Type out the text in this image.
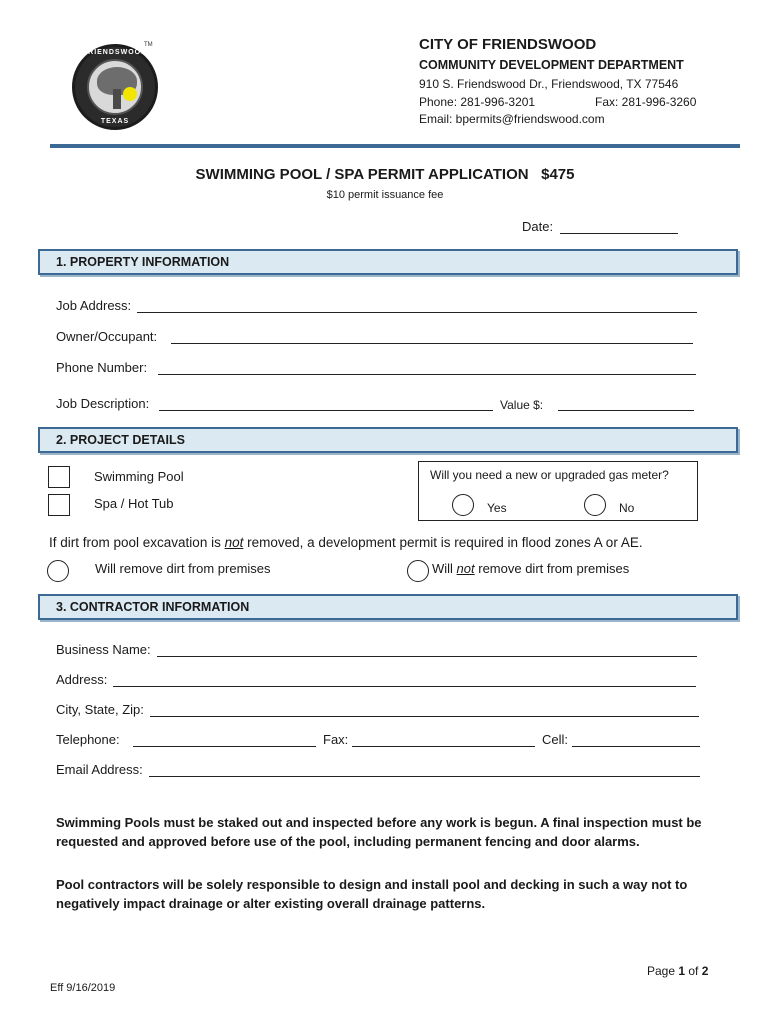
FRIENDSWOOD
TEXAS
TM	CITY OF FRIENDSWOOD
COMMUNITY DEVELOPMENT DEPARTMENT
910 S. Friendswood Dr., Friendswood, TX 77546
Phone: 281-996-3201	Fax: 281-996-3260
Email: bpermits@friendswood.com
SWIMMING POOL / SPA PERMIT APPLICATION   $475
$10 permit issuance fee
Date:
1. PROPERTY INFORMATION
Job Address:
Owner/Occupant:
Phone Number:
Job Description:	Value $:
2. PROJECT DETAILS
Swimming Pool
Spa / Hot Tub
Will you need a new or upgraded gas meter?
Yes	No
If dirt from pool excavation is not removed, a development permit is required in flood zones A or AE.
Will remove dirt from premises	Will not remove dirt from premises
3. CONTRACTOR INFORMATION
Business Name:
Address:
City, State, Zip:
Telephone:	Fax:	Cell:
Email Address:
Swimming Pools must be staked out and inspected before any work is begun. A final inspection must be requested and approved before use of the pool, including permanent fencing and door alarms.
Pool contractors will be solely responsible to design and install pool and decking in such a way not to negatively impact drainage or alter existing overall drainage patterns.
Page 1 of 2
Eff 9/16/2019
